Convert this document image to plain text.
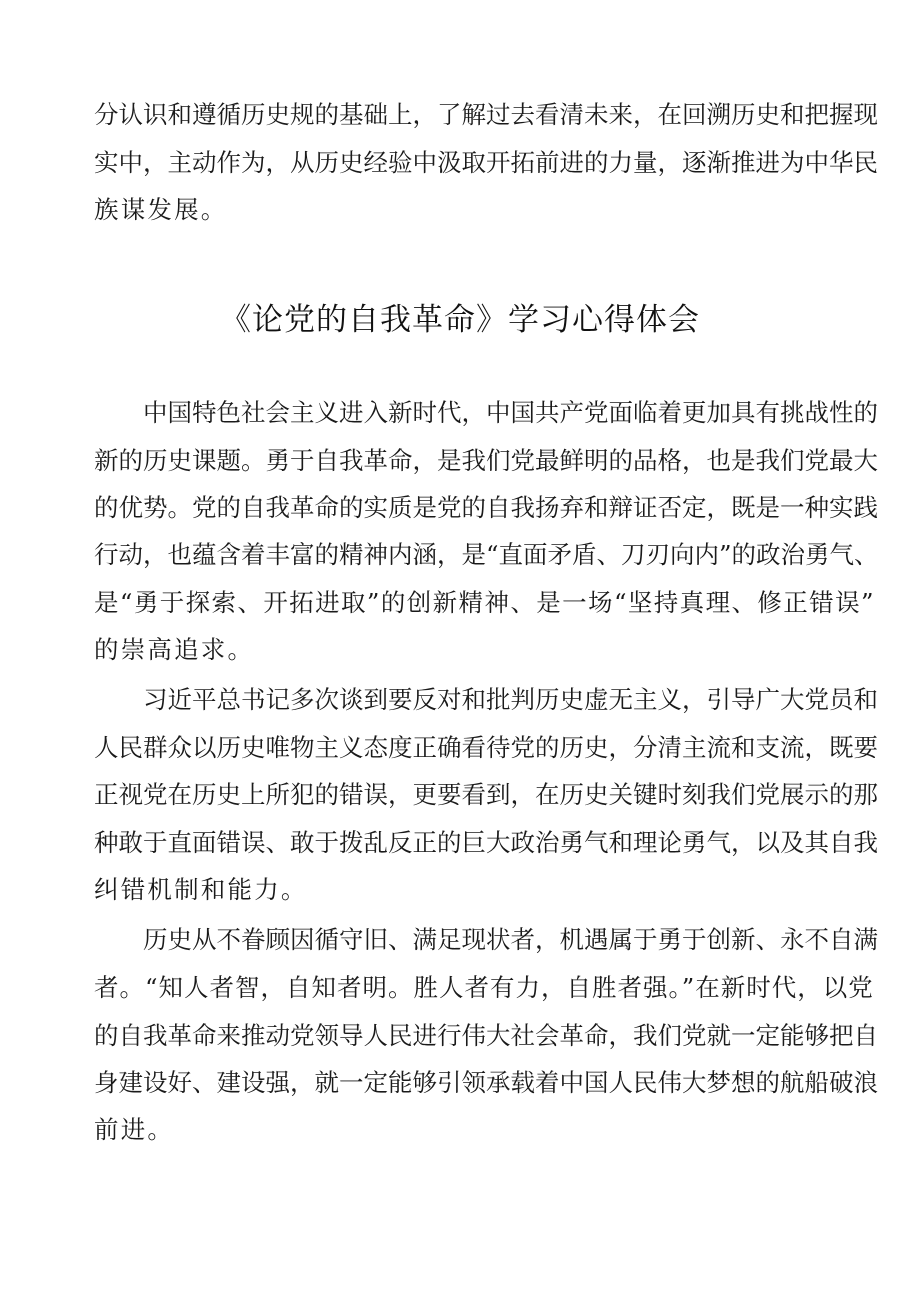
分认识和遵循历史规的基础上，了解过去看清未来，在回溯历史和把握现
实中，主动作为，从历史经验中汲取开拓前进的力量，逐渐推进为中华民
族谋发展。
《论党的自我革命》学习心得体会
中国特色社会主义进入新时代，中国共产党面临着更加具有挑战性的
新的历史课题。勇于自我革命，是我们党最鲜明的品格，也是我们党最大
的优势。党的自我革命的实质是党的自我扬弃和辩证否定，既是一种实践
行动，也蕴含着丰富的精神内涵，是“直面矛盾、刀刃向内”的政治勇气、
是“勇于探索、开拓进取”的创新精神、是一场“坚持真理、修正错误”
的崇高追求。
习近平总书记多次谈到要反对和批判历史虚无主义，引导广大党员和
人民群众以历史唯物主义态度正确看待党的历史，分清主流和支流，既要
正视党在历史上所犯的错误，更要看到，在历史关键时刻我们党展示的那
种敢于直面错误、敢于拨乱反正的巨大政治勇气和理论勇气，以及其自我
纠错机制和能力。
历史从不眷顾因循守旧、满足现状者，机遇属于勇于创新、永不自满
者。“知人者智，自知者明。胜人者有力，自胜者强。”在新时代，以党
的自我革命来推动党领导人民进行伟大社会革命，我们党就一定能够把自
身建设好、建设强，就一定能够引领承载着中国人民伟大梦想的航船破浪
前进。
